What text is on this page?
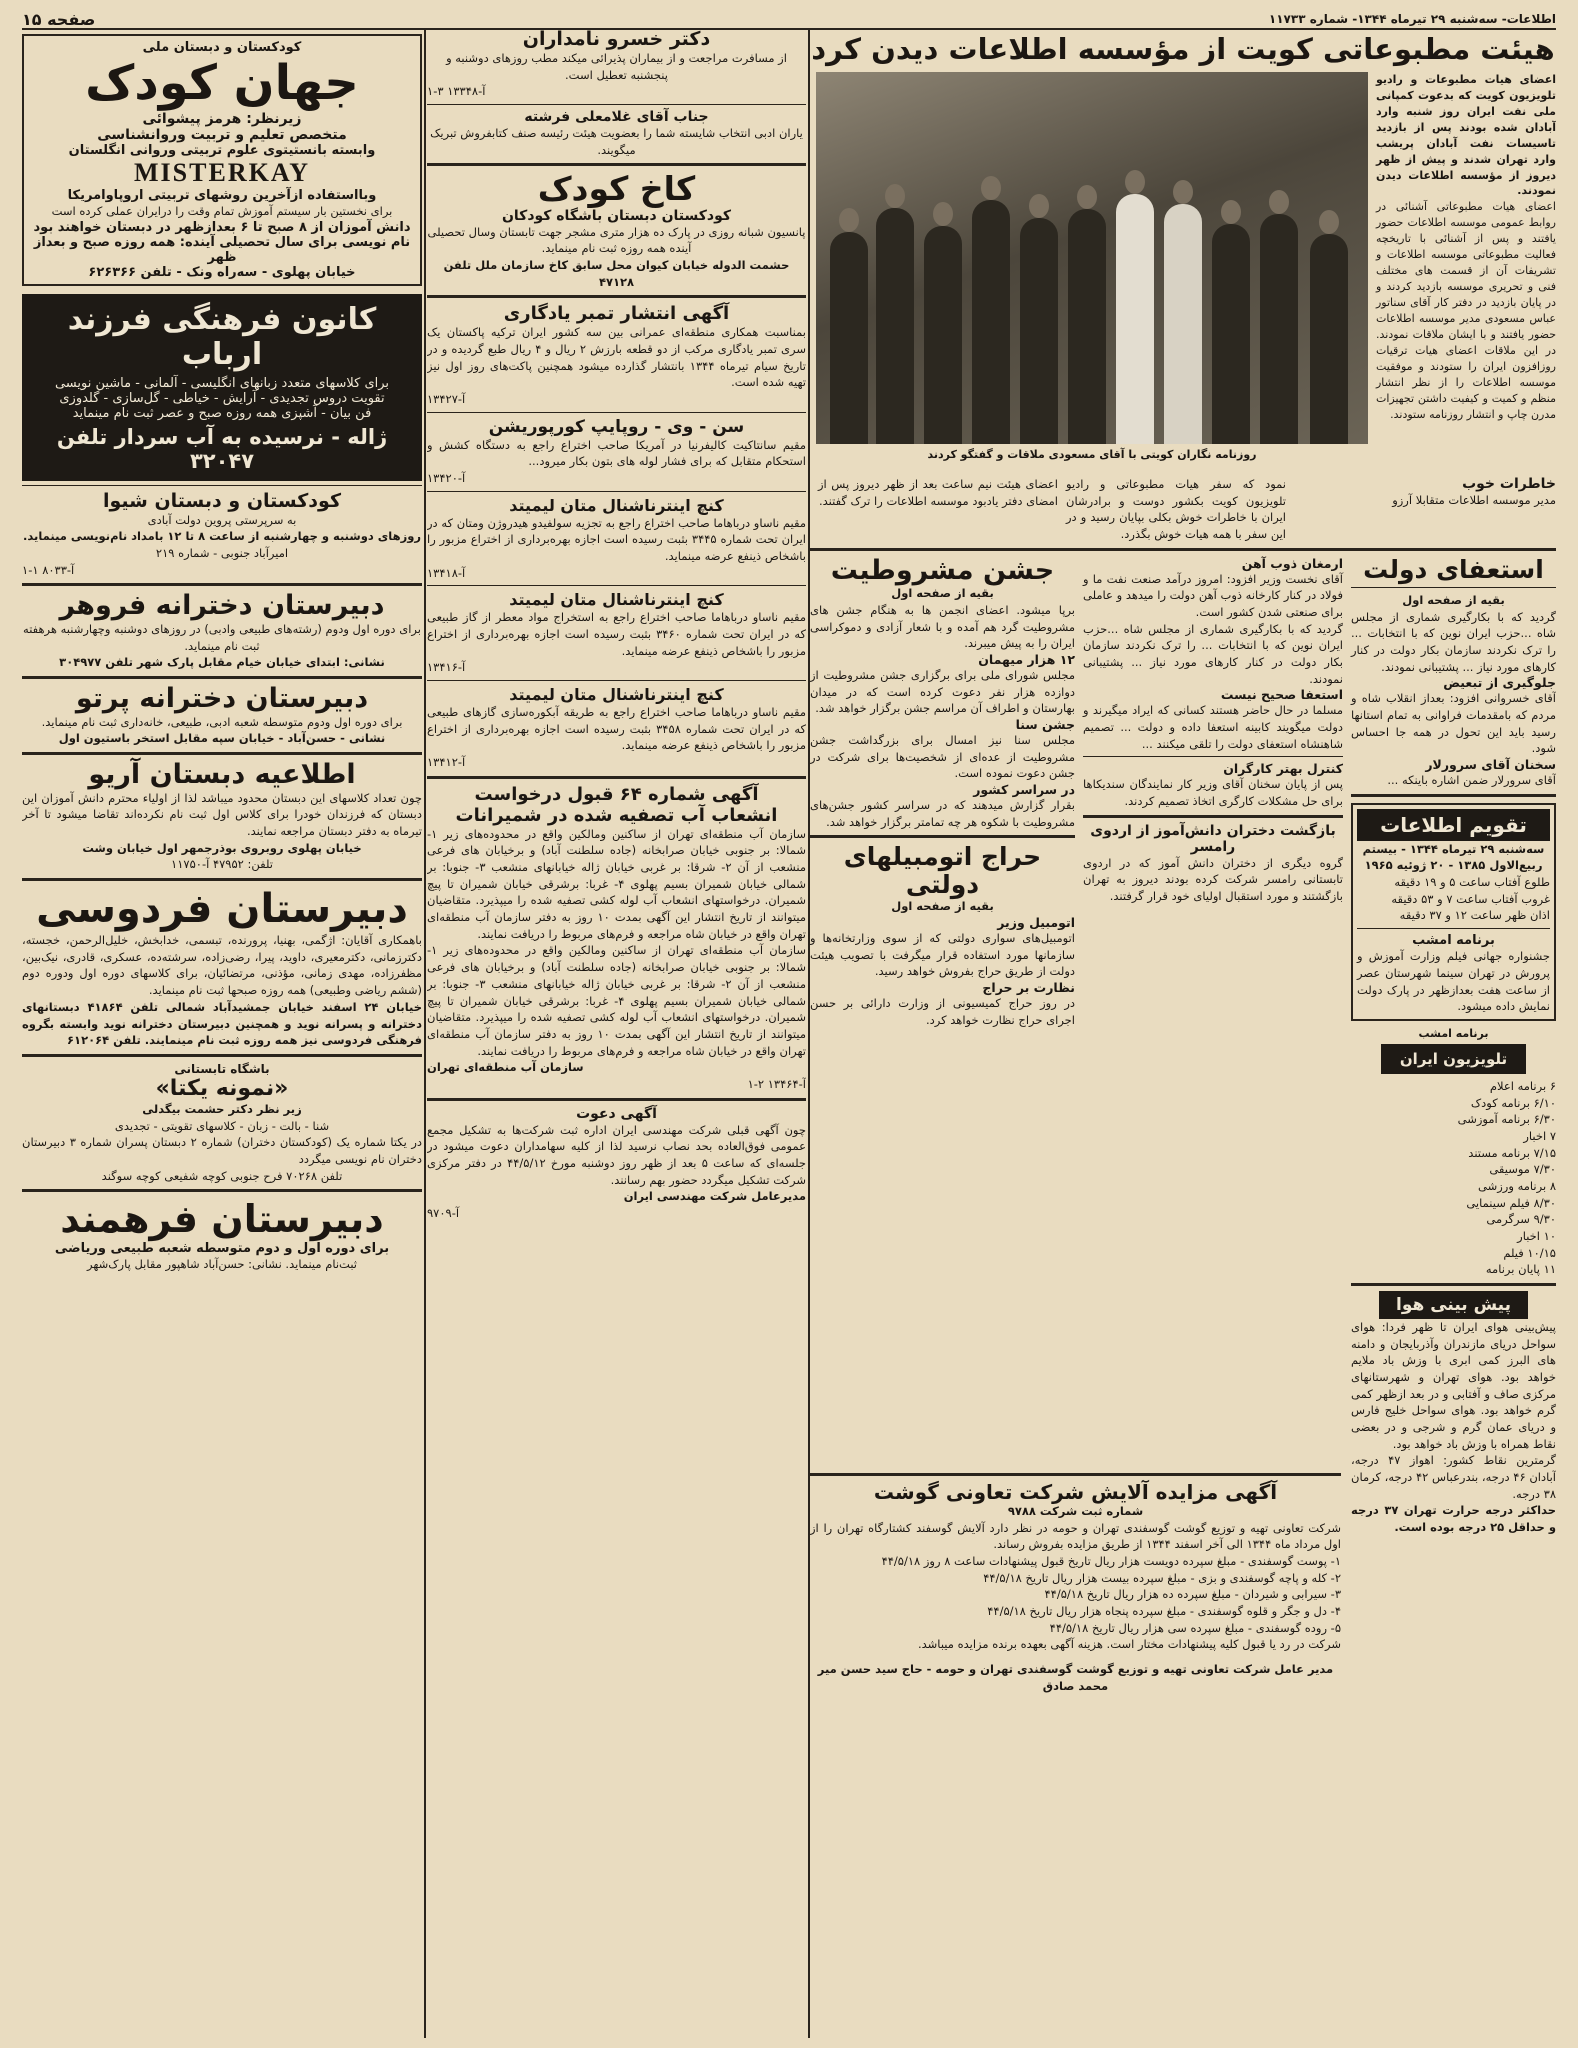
اطلاعات- سه‌شنبه ۲۹ تیرماه ۱۳۴۴- شماره ۱۱۷۳۳
صفحه ۱۵
هیئت مطبوعاتی کویت از مؤسسه اطلاعات دیدن کرد
اعضای هیات مطبوعات و رادیو تلویزیون کویت که بدعوت کمپانی ملی نفت ایران روز شنبه وارد آبادان شده بودند پس از بازدید تاسیسات نفت آبادان پریشب وارد تهران شدند و پیش از ظهر دیروز از مؤسسه اطلاعات دیدن نمودند.
اعضای هیات مطبوعاتی آشنائی در روابط عمومی موسسه اطلاعات حضور یافتند و پس از آشنائی با تاریخچه فعالیت مطبوعاتی موسسه اطلاعات و تشریفات آن از قسمت های مختلف فنی و تحریری موسسه بازدید کردند و در پایان بازدید در دفتر کار آقای سناتور عباس مسعودی مدیر موسسه اطلاعات حضور یافتند و با ایشان ملاقات نمودند. در این ملاقات اعضای هیات ترقیات روزافزون ایران را ستودند و موفقیت موسسه اطلاعات را از نظر انتشار منظم و کمیت و کیفیت داشتن تجهیزات مدرن چاپ و انتشار روزنامه ستودند.
روزنامه نگاران کویتی با آقای مسعودی ملاقات و گفتگو کردند
خاطرات خوب
مدیر موسسه اطلاعات متقابلا آرزو
نمود که سفر هیات مطبوعاتی و رادیو تلویزیون کویت بکشور دوست و برادرشان ایران با خاطرات خوش بکلی بپایان رسید و در این سفر با همه هیات خوش بگذرد.
اعضای هیئت نیم ساعت بعد از ظهر دیروز پس از امضای دفتر یادبود موسسه اطلاعات را ترک گفتند.
استعفای دولت
بقیه از صفحه اول
گردید که با بکارگیری شماری از مجلس شاه ...حزب ایران نوین که با انتخابات ... را ترک نکردند سازمان بکار دولت در کنار کارهای مورد نیاز ... پشتیبانی نمودند.
جلوگیری از تبعیض
آقای خسروانی افزود: بعداز انقلاب شاه و مردم که بامقدمات فراوانی به تمام استانها رسید باید این تحول در همه جا احساس شود.
سخنان آقای سرورلار
آقای سرورلار ضمن اشاره باینکه ...
تقویم اطلاعات
سه‌شنبه ۲۹ تیرماه ۱۳۴۴ - بیستم ربیع‌الاول ۱۳۸۵ - ۲۰ ژوئیه ۱۹۶۵
طلوع آفتاب ساعت ۵ و ۱۹ دقیقه
غروب آفتاب ساعت ۷ و ۵۳ دقیقه
اذان ظهر ساعت ۱۲ و ۳۷ دقیقه
برنامه امشب
جشنواره جهانی فیلم وزارت آموزش و پرورش در تهران سینما شهرستان عصر از ساعت هفت بعدازظهر در پارک دولت نمایش داده میشود.
برنامه امشب
تلویزیون ایران
۶ برنامه اعلام
۶/۱۰ برنامه کودک
۶/۳۰ برنامه آموزشی
۷ اخبار
۷/۱۵ برنامه مستند
۷/۳۰ موسیقی
۸ برنامه ورزشی
۸/۳۰ فیلم سینمایی
۹/۳۰ سرگرمی
۱۰ اخبار
۱۰/۱۵ فیلم
۱۱ پایان برنامه
پیش بینی هوا
پیش‌بینی هوای ایران تا ظهر فردا: هوای سواحل دریای مازندران وآذربایجان و دامنه های البرز کمی ابری با وزش باد ملایم خواهد بود. هوای تهران و شهرستانهای مرکزی صاف و آفتابی و در بعد ازظهر کمی گرم خواهد بود. هوای سواحل خلیج فارس و دریای عمان گرم و شرجی و در بعضی نقاط همراه با وزش باد خواهد بود.
گرمترین نقاط کشور: اهواز ۴۷ درجه، آبادان ۴۶ درجه، بندرعباس ۴۲ درجه، کرمان ۳۸ درجه.
حداکثر درجه حرارت تهران ۳۷ درجه و حداقل ۲۵ درجه بوده است.
ارمغان ذوب آهن
آقای نخست وزیر افزود: امروز درآمد صنعت نفت ما و فولاد در کنار کارخانه ذوب آهن دولت را میدهد و عاملی برای صنعتی شدن کشور است.
گردید که با بکارگیری شماری از مجلس شاه ...حزب ایران نوین که با انتخابات ... را ترک نکردند سازمان بکار دولت در کنار کارهای مورد نیاز ... پشتیبانی نمودند.
استعفا صحیح نیست
مسلما در حال حاضر هستند کسانی که ایراد میگیرند و دولت میگویند کابینه استعفا داده و دولت ... تصمیم شاهنشاه استعفای دولت را تلقی میکنند ...
کنترل بهتر کارگران
پس از پایان سخنان آقای وزیر کار نمایندگان سندیکاها برای حل مشکلات کارگری اتخاذ تصمیم کردند.
بازگشت دختران دانش‌آموز از اردوی رامسر
گروه دیگری از دختران دانش آموز که در اردوی تابستانی رامسر شرکت کرده بودند دیروز به تهران بازگشتند و مورد استقبال اولیای خود قرار گرفتند.
جشن مشروطیت
بقیه از صفحه اول
برپا میشود. اعضای انجمن ها به هنگام جشن های مشروطیت گرد هم آمده و با شعار آزادی و دموکراسی ایران را به پیش میبرند.
۱۲ هزار میهمان
مجلس شورای ملی برای برگزاری جشن مشروطیت از دوازده هزار نفر دعوت کرده است که در میدان بهارستان و اطراف آن مراسم جشن برگزار خواهد شد.
جشن سنا
مجلس سنا نیز امسال برای بزرگداشت جشن مشروطیت از عده‌ای از شخصیت‌ها برای شرکت در جشن دعوت نموده است.
در سراسر کشور
بقرار گزارش میدهند که در سراسر کشور جشن‌های مشروطیت با شکوه هر چه تمامتر برگزار خواهد شد.
حراج اتومبیلهای دولتی
بقیه از صفحه اول
اتومبیل وزیر
اتومبیل‌های سواری دولتی که از سوی وزارتخانه‌ها و سازمانها مورد استفاده قرار میگرفت با تصویب هیئت دولت از طریق حراج بفروش خواهد رسید.
نظارت بر حراج
در روز حراج کمیسیونی از وزارت دارائی بر حسن اجرای حراج نظارت خواهد کرد.
آگهی مزایده آلایش شرکت تعاونی گوشت
شماره ثبت شرکت ۹۷۸۸
شرکت تعاونی تهیه و توزیع گوشت گوسفندی تهران و حومه در نظر دارد آلایش گوسفند کشتارگاه تهران را از اول مرداد ماه ۱۳۴۴ الی آخر اسفند ۱۳۴۴ از طریق مزایده بفروش رساند.
۱- پوست گوسفندی - مبلغ سپرده دویست هزار ریال تاریخ قبول پیشنهادات ساعت ۸ روز ۴۴/۵/۱۸
۲- کله و پاچه گوسفندی و بزی - مبلغ سپرده بیست هزار ریال تاریخ ۴۴/۵/۱۸
۳- سیرابی و شیردان - مبلغ سپرده ده هزار ریال تاریخ ۴۴/۵/۱۸
۴- دل و جگر و قلوه گوسفندی - مبلغ سپرده پنجاه هزار ریال تاریخ ۴۴/۵/۱۸
۵- روده گوسفندی - مبلغ سپرده سی هزار ریال تاریخ ۴۴/۵/۱۸
شرکت در رد یا قبول کلیه پیشنهادات مختار است. هزینه آگهی بعهده برنده مزایده میباشد.
مدیر عامل شرکت تعاونی تهیه و توزیع گوشت گوسفندی تهران و حومه - حاج سید حسن میر محمد صادق
دکتر خسرو نامداران
از مسافرت مراجعت و از بیماران پذیرائی میکند مطب روزهای دوشنبه و پنجشنبه تعطیل است.
آ-۱۳۳۴۸ ۳-۱
جناب آقای غلامعلی فرشته
یاران ادبی انتخاب شایسته شما را بعضویت هیئت رئیسه صنف کتابفروش تبریک میگویند.
کاخ کودک
کودکستان دبستان باشگاه کودکان
پانسیون شبانه روزی در پارک ده هزار متری مشجر جهت تابستان وسال تحصیلی آینده همه روزه ثبت نام مینماید.
حشمت الدوله خیابان کیوان محل سابق کاخ سازمان ملل تلفن ۴۷۱۲۸
آگهی انتشار تمبر یادگاری
بمناسبت همکاری منطقه‌ای عمرانی بین سه کشور ایران ترکیه پاکستان یک سری تمبر یادگاری مرکب از دو قطعه بارزش ۲ ریال و ۴ ریال طبع گردیده و در تاریخ سیام تیرماه ۱۳۴۴ بانتشار گذارده میشود همچنین پاکت‌های روز اول نیز تهیه شده است.
آ-۱۳۴۲۷
سن - وی - روپایپ کورپوریشن
مقیم سانتاکیت کالیفرنیا در آمریکا صاحب اختراع راجع به دستگاه کشش و استحکام متقابل که برای فشار لوله های بتون بکار میرود...
آ-۱۳۴۲۰
کنچ اینترناشنال متان لیمیتد
مقیم ناساو درباهاما صاحب اختراع راجع به تجزیه سولفیدو هیدروژن ومتان که در ایران تحت شماره ۳۴۴۵ بثبت رسیده است اجازه بهره‌برداری از اختراع مزبور را باشخاص ذینفع عرضه مینماید.
آ-۱۳۴۱۸
کنچ اینترناشنال متان لیمیتد
مقیم ناساو درباهاما صاحب اختراع راجع به استخراج مواد معطر از گاز طبیعی که در ایران تحت شماره ۳۴۶۰ بثبت رسیده است اجازه بهره‌برداری از اختراع مزبور را باشخاص ذینفع عرضه مینماید.
آ-۱۳۴۱۶
کنچ اینترناشنال متان لیمیتد
مقیم ناساو درباهاما صاحب اختراع راجع به طریقه آبکوره‌سازی گازهای طبیعی که در ایران تحت شماره ۳۴۵۸ بثبت رسیده است اجازه بهره‌برداری از اختراع مزبور را باشخاص ذینفع عرضه مینماید.
آ-۱۳۴۱۲
آگهی شماره ۶۴ قبول درخواست
انشعاب آب تصفیه شده در شمیرانات
سازمان آب منطقه‌ای تهران از ساکنین ومالکین واقع در محدوده‌های زیر ۱- شمالا: بر جنوبی خیابان صرابخانه (جاده سلطنت آباد) و برخیابان های فرعی منشعب از آن ۲- شرقا: بر غربی خیابان ژاله خیابانهای منشعب ۳- جنوبا: بر شمالی خیابان شمیران بسیم پهلوی ۴- غربا: برشرقی خیابان شمیران تا پیچ شمیران. درخواستهای انشعاب آب لوله کشی تصفیه شده را میپذیرد. متقاضیان میتوانند از تاریخ انتشار این آگهی بمدت ۱۰ روز به دفتر سازمان آب منطقه‌ای تهران واقع در خیابان شاه مراجعه و فرم‌های مربوط را دریافت نمایند.
سازمان آب منطقه‌ای تهران از ساکنین ومالکین واقع در محدوده‌های زیر ۱- شمالا: بر جنوبی خیابان صرابخانه (جاده سلطنت آباد) و برخیابان های فرعی منشعب از آن ۲- شرقا: بر غربی خیابان ژاله خیابانهای منشعب ۳- جنوبا: بر شمالی خیابان شمیران بسیم پهلوی ۴- غربا: برشرقی خیابان شمیران تا پیچ شمیران. درخواستهای انشعاب آب لوله کشی تصفیه شده را میپذیرد. متقاضیان میتوانند از تاریخ انتشار این آگهی بمدت ۱۰ روز به دفتر سازمان آب منطقه‌ای تهران واقع در خیابان شاه مراجعه و فرم‌های مربوط را دریافت نمایند.
سازمان آب منطقه‌ای تهران
آ-۱۳۴۶۴ ۲-۱
آگهی دعوت
چون آگهی قبلی شرکت مهندسی ایران اداره ثبت شرکت‌ها به تشکیل مجمع عمومی فوق‌العاده بحد نصاب نرسید لذا از کلیه سهامداران دعوت میشود در جلسه‌ای که ساعت ۵ بعد از ظهر روز دوشنبه مورخ ۴۴/۵/۱۲ در دفتر مرکزی شرکت تشکیل میگردد حضور بهم رسانند.
مدیرعامل شرکت مهندسی ایران
آ-۹۷۰۹
کودکستان و دبستان ملی
جهان کودک
زیرنظر: هرمز پیشوائی
متخصص تعلیم و تربیت وروانشناسی
وابسته بانستیتوی علوم تربیتی وروانی انگلستان
MISTERKAY
وبااستفاده ازآخرین روشهای تربیتی اروپاوامریکا
برای نخستین بار سیستم آموزش تمام وقت را درایران عملی کرده است
دانش آموزان از ۸ صبح تا ۶ بعدازظهر در دبستان خواهند بود
نام نویسی برای سال تحصیلی آینده: همه روزه صبح و بعداز ظهر
خیابان پهلوی - سه‌راه ونک - تلفن ۶۲۶۳۶۶
کانون فرهنگی فرزند ارباب
برای کلاسهای متعدد زبانهای انگلیسی - آلمانی - ماشین نویسی
تقویت دروس تجدیدی - آرایش - خیاطی - گل‌سازی - گلدوزی
فن بیان - آشپزی همه روزه صبح و عصر ثبت نام مینماید
ژاله - نرسیده به آب سردار تلفن ۳۲۰۴۷
کودکستان و دبستان شیوا
به سرپرستی پروین دولت آبادی
روزهای دوشنبه و چهارشنبه از ساعت ۸ تا ۱۲ بامداد نام‌نویسی مینماید.
امیرآباد جنوبی - شماره ۲۱۹
آ-۸۰۳۳ ۱-۱
دبیرستان دخترانه فروهر
برای دوره اول ودوم (رشته‌های طبیعی وادبی) در روزهای دوشنبه وچهارشنبه هرهفته ثبت نام مینماید.
نشانی: ابتدای خیابان خیام مقابل پارک شهر تلفن ۳۰۴۹۷۷
دبیرستان دخترانه پرتو
برای دوره اول ودوم متوسطه شعبه ادبی، طبیعی، خانه‌داری ثبت نام مینماید.
نشانی - حسن‌آباد - خیابان سپه مقابل استخر باستیون اول
اطلاعیه دبستان آریو
چون تعداد کلاسهای این دبستان محدود میباشد لذا از اولیاء محترم دانش آموزان این دبستان که فرزندان خودرا برای کلاس اول ثبت نام نکرده‌اند تقاضا میشود تا آخر تیرماه به دفتر دبستان مراجعه نمایند.
خیابان پهلوی روبروی بوذرجمهر اول خیابان وشت
تلفن: ۴۷۹۵۲ آ-۱۱۷۵۰
دبیرستان فردوسی
باهمکاری آقایان: اژگمی، بهنیا، پرورنده، تبسمی، خدابخش، خلیل‌الرحمن، خجسته، دکترزمانی، دکترمعیری، داوید، پیرا، رضی‌زاده، سرشته‌ده، عسکری، قادری، نیک‌بین، مظفرزاده، مهدی زمانی، مؤذنی، مرتضائیان، برای کلاسهای دوره اول ودوره دوم (ششم ریاضی وطبیعی) همه روزه صبحها ثبت نام مینماید.
خیابان ۲۴ اسفند خیابان جمشیدآباد شمالی تلفن ۴۱۸۶۴ دبستانهای دخترانه و پسرانه نوید و همچنین دبیرستان دخترانه نوید وابسته بگروه فرهنگی فردوسی نیز همه روزه ثبت نام مینمایند. تلفن ۶۱۲۰۶۴
باشگاه تابستانی
«نمونه یکتا»
زیر نظر دکتر حشمت بیگدلی
شنا - بالت - زبان - کلاسهای تقویتی - تجدیدی
در یکتا شماره یک (کودکستان دختران) شماره ۲ دبستان پسران شماره ۳ دبیرستان دختران نام نویسی میگردد
تلفن ۷۰۲۶۸ فرح جنوبی کوچه شفیعی کوچه سوگند
دبیرستان فرهمند
برای دوره اول و دوم متوسطه شعبه طبیعی وریاضی
ثبت‌نام مینماید. نشانی: حسن‌آباد شاهپور مقابل پارک‌شهر
